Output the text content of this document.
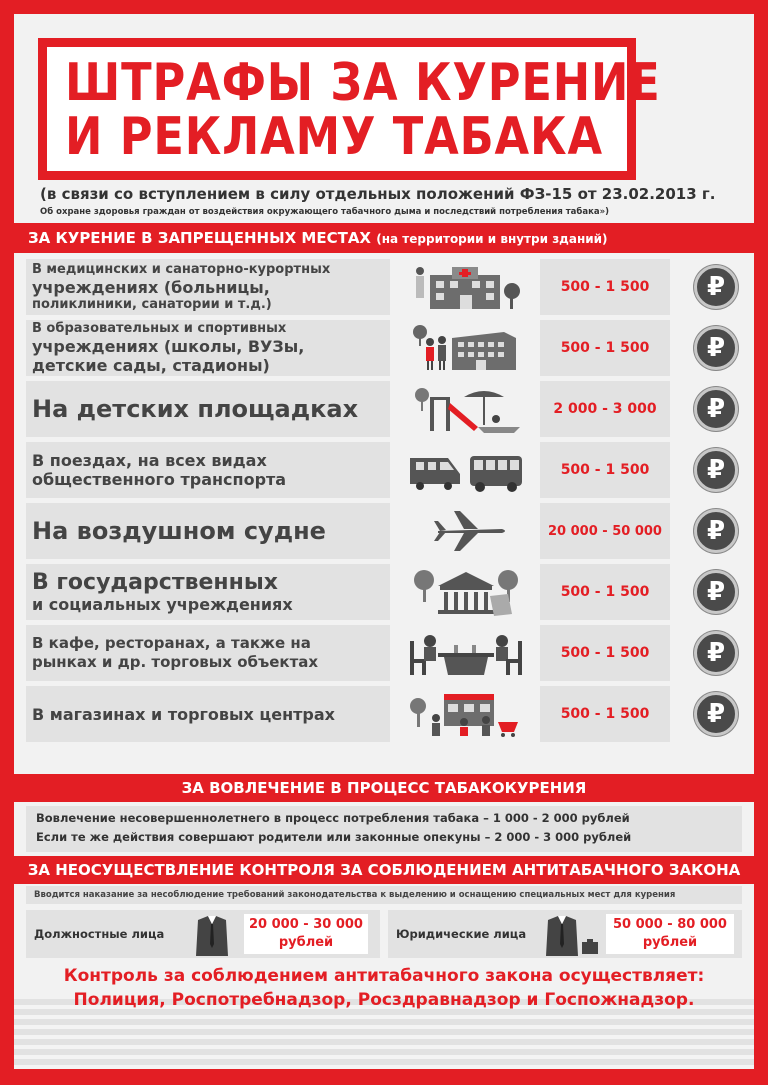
ШТРАФЫ ЗА КУРЕНИЕ
И РЕКЛАМУ ТАБАКА
(в связи со вступлением в силу отдельных положений ФЗ-15 от 23.02.2013 г.
Об охране здоровья граждан от воздействия окружающего табачного дыма и последствий потребления табака»)
ЗА КУРЕНИЕ В ЗАПРЕЩЕННЫХ МЕСТАХ (на территории и внутри зданий)
В медицинских и санаторно-курортных
учреждениях (больницы,
поликлиники, санатории и т.д.)
500 - 1 500	₽
В образовательных и спортивных
учреждениях (школы, ВУЗы,
детские сады, стадионы)
500 - 1 500	₽
На детских площадках	2 000 - 3 000	₽
В поездах, на всех видах
общественного транспорта	500 - 1 500	₽
На воздушном судне	20 000 - 50 000	₽
В государственных
и социальных учреждениях
500 - 1 500	₽
В кафе, ресторанах, а также на
рынках и др. торговых объектах	500 - 1 500	₽
В магазинах и торговых центрах	500 - 1 500	₽
ЗА ВОВЛЕЧЕНИЕ В ПРОЦЕСС ТАБАКОКУРЕНИЯ
Вовлечение несовершеннолетнего в процесс потребления табака – 1 000 - 2 000 рублей
Если те же действия совершают родители или законные опекуны – 2 000 - 3 000 рублей
ЗА НЕОСУЩЕСТВЛЕНИЕ КОНТРОЛЯ ЗА СОБЛЮДЕНИЕМ АНТИТАБАЧНОГО ЗАКОНА
Вводится наказание за несоблюдение требований законодательства к выделению и оснащению специальных мест для курения
Должностные лица
20 000 - 30 000
рублей
Юридические лица
50 000 - 80 000
рублей
Контроль за соблюдением антитабачного закона осуществляет:
Полиция, Роспотребнадзор, Росздравнадзор и Госпожнадзор.
